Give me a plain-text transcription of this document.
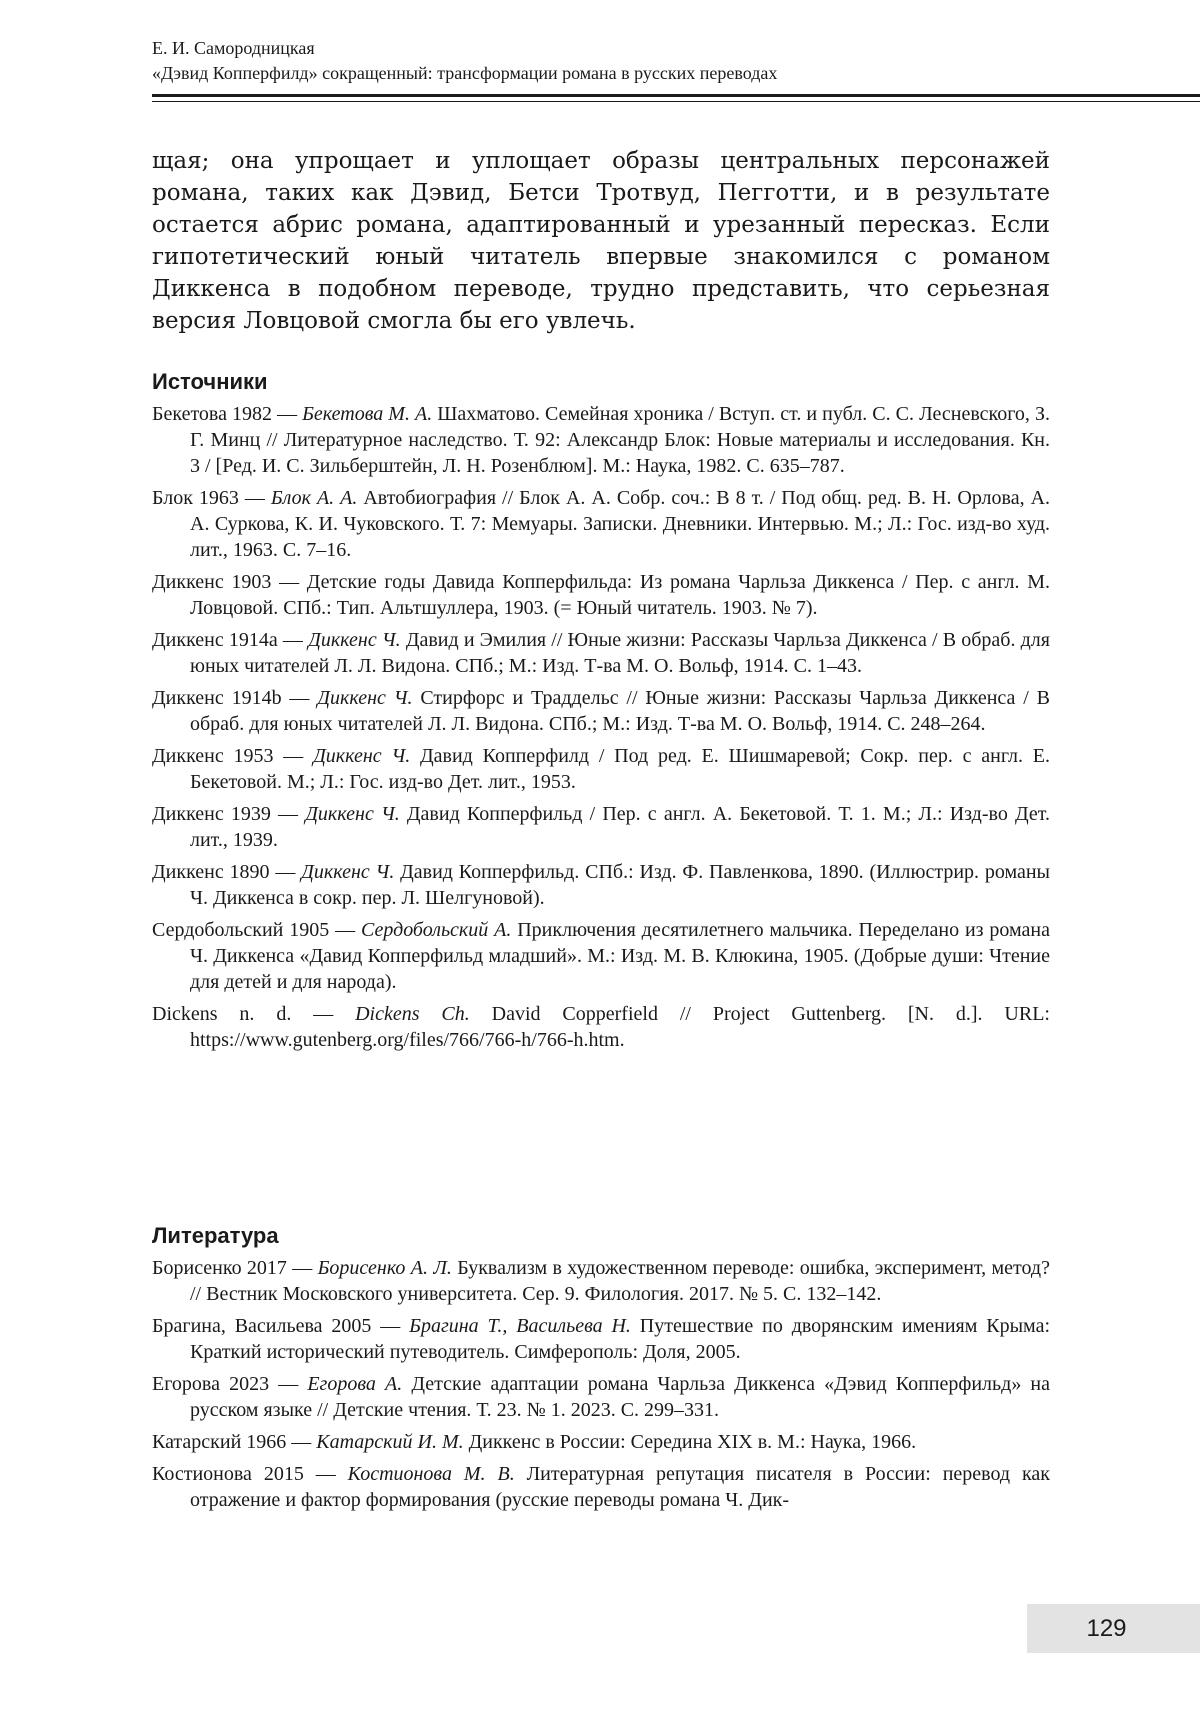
Е. И. Самородницкая
«Дэвид Копперфилд» сокращенный: трансформации романа в русских переводах

щая; она упрощает и уплощает образы центральных персонажей романа, таких как Дэвид, Бетси Тротвуд, Пегготти, и в результате остается абрис романа, адаптированный и урезанный пересказ. Если гипотетический юный читатель впервые знакомился с романом Диккенса в подобном переводе, трудно представить, что серьезная версия Ловцовой смогла бы его увлечь.

Источники

Бекетова 1982 — Бекетова М. А. Шахматово. Семейная хроника / Вступ. ст. и публ. С. С. Лесневского, З. Г. Минц // Литературное наследство. Т. 92: Александр Блок: Новые материалы и исследования. Кн. 3 / [Ред. И. С. Зильберштейн, Л. Н. Розенблюм]. М.: Наука, 1982. С. 635–787.

Блок 1963 — Блок А. А. Автобиография // Блок А. А. Собр. соч.: В 8 т. / Под общ. ред. В. Н. Орлова, А. А. Суркова, К. И. Чуковского. Т. 7: Мемуары. Записки. Дневники. Интервью. М.; Л.: Гос. изд-во худ. лит., 1963. С. 7–16.

Диккенс 1903 — Детские годы Давида Копперфильда: Из романа Чарльза Диккенса / Пер. с англ. М. Ловцовой. СПб.: Тип. Альтшуллера, 1903. (= Юный читатель. 1903. № 7).

Диккенс 1914a — Диккенс Ч. Давид и Эмилия // Юные жизни: Рассказы Чарльза Диккенса / В обраб. для юных читателей Л. Л. Видона. СПб.; М.: Изд. Т-ва М. О. Вольф, 1914. С. 1–43.

Диккенс 1914b — Диккенс Ч. Стирфорс и Траддельс // Юные жизни: Рассказы Чарльза Диккенса / В обраб. для юных читателей Л. Л. Видона. СПб.; М.: Изд. Т-ва М. О. Вольф, 1914. С. 248–264.

Диккенс 1953 — Диккенс Ч. Давид Копперфилд / Под ред. Е. Шишмаревой; Сокр. пер. с англ. Е. Бекетовой. М.; Л.: Гос. изд-во Дет. лит., 1953.

Диккенс 1939 — Диккенс Ч. Давид Копперфильд / Пер. с англ. А. Бекетовой. Т. 1. М.; Л.: Изд-во Дет. лит., 1939.

Диккенс 1890 — Диккенс Ч. Давид Копперфильд. СПб.: Изд. Ф. Павленкова, 1890. (Иллюстрир. романы Ч. Диккенса в сокр. пер. Л. Шелгуновой).

Сердобольский 1905 — Сердобольский А. Приключения десятилетнего мальчика. Переделано из романа Ч. Диккенса «Давид Копперфильд младший». М.: Изд. М. В. Клюкина, 1905. (Добрые души: Чтение для детей и для народа).

Dickens n. d. — Dickens Ch. David Copperfield // Project Guttenberg. [N. d.]. URL: https://www.gutenberg.org/files/766/766-h/766-h.htm.

Литература

Борисенко 2017 — Борисенко А. Л. Буквализм в художественном переводе: ошибка, эксперимент, метод? // Вестник Московского университета. Сер. 9. Филология. 2017. № 5. С. 132–142.

Брагина, Васильева 2005 — Брагина Т., Васильева Н. Путешествие по дворянским имениям Крыма: Краткий исторический путеводитель. Симферополь: Доля, 2005.

Егорова 2023 — Егорова А. Детские адаптации романа Чарльза Диккенса «Дэвид Копперфильд» на русском языке // Детские чтения. Т. 23. № 1. 2023. С. 299–331.

Катарский 1966 — Катарский И. М. Диккенс в России: Середина XIX в. М.: Наука, 1966.

Костионова 2015 — Костионова М. В. Литературная репутация писателя в России: перевод как отражение и фактор формирования (русские переводы романа Ч. Дик-

129
